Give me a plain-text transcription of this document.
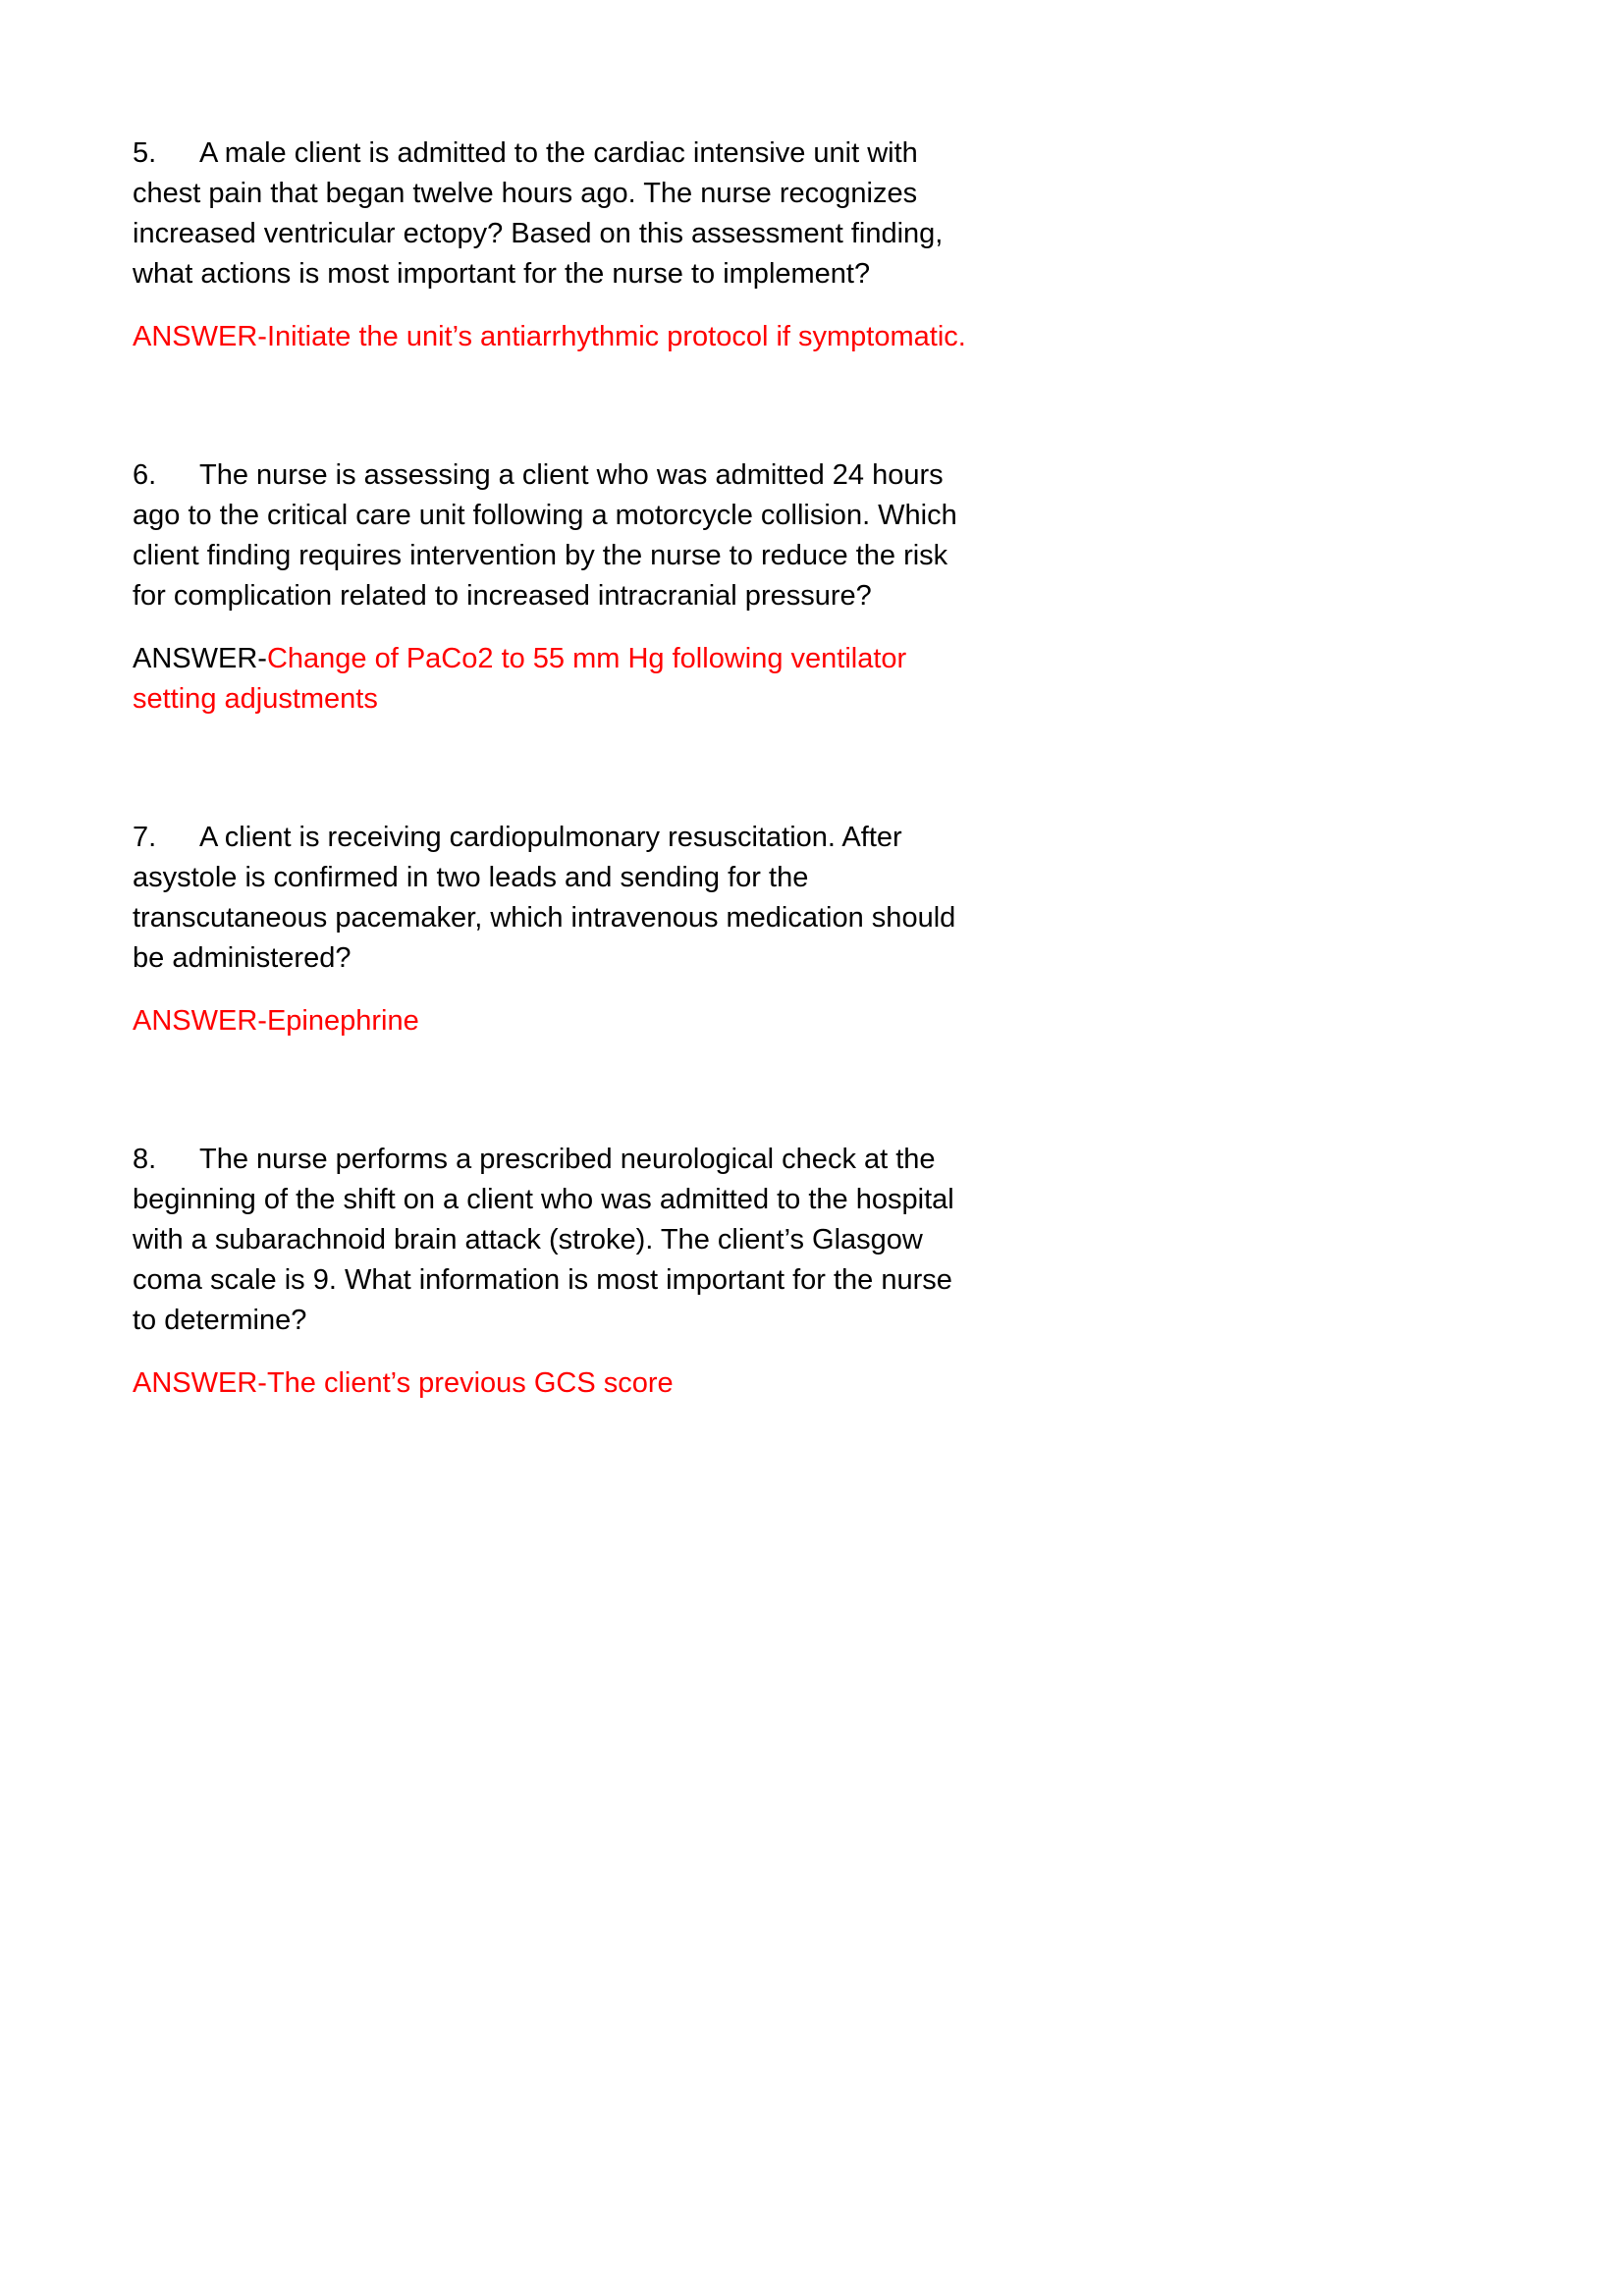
5. A male client is admitted to the cardiac intensive unit with chest pain that began twelve hours ago. The nurse recognizes increased ventricular ectopy? Based on this assessment finding, what actions is most important for the nurse to implement?

ANSWER-Initiate the unit’s antiarrhythmic protocol if symptomatic.

6. The nurse is assessing a client who was admitted 24 hours ago to the critical care unit following a motorcycle collision. Which client finding requires intervention by the nurse to reduce the risk for complication related to increased intracranial pressure?

ANSWER-Change of PaCo2 to 55 mm Hg following ventilator setting adjustments

7. A client is receiving cardiopulmonary resuscitation. After asystole is confirmed in two leads and sending for the transcutaneous pacemaker, which intravenous medication should be administered?

ANSWER-Epinephrine

8. The nurse performs a prescribed neurological check at the beginning of the shift on a client who was admitted to the hospital with a subarachnoid brain attack (stroke). The client’s Glasgow coma scale is 9. What information is most important for the nurse to determine?

ANSWER-The client’s previous GCS score
